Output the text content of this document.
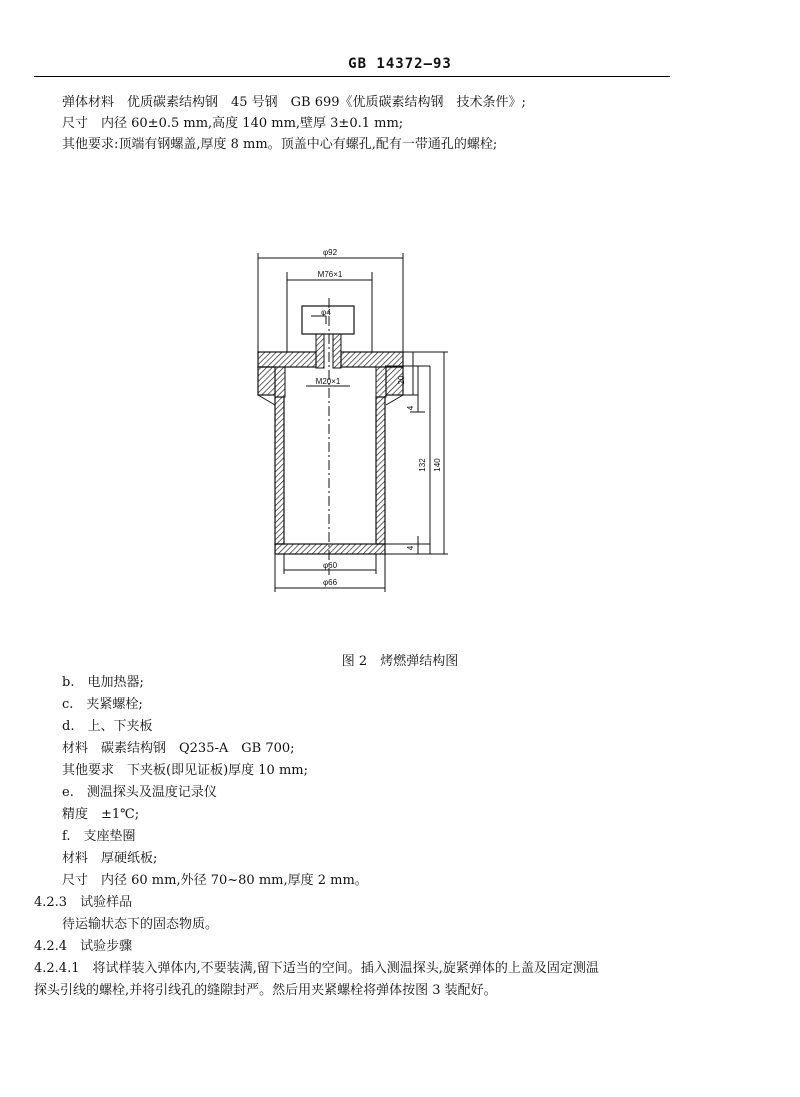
GB 14372—93
弹体材料　优质碳素结构钢　45 号钢　GB 699《优质碳素结构钢　技术条件》;
尺寸　内径 60±0.5 mm,高度 140 mm,壁厚 3±0.1 mm;
其他要求:顶端有钢螺盖,厚度 8 mm。顶盖中心有螺孔,配有一带通孔的螺栓;
φ92
M76×1
φ4
M20×1	20
4
132 140
4
φ60
φ66
图 2　烤燃弹结构图
b.　电加热器;
c.　夹紧螺栓;
d.　上、下夹板
材料　碳素结构钢　Q235-A　GB 700;
其他要求　下夹板(即见证板)厚度 10 mm;
e.　测温探头及温度记录仪
精度　±1℃;
f.　支座垫圈
材料　厚硬纸板;
尺寸　内径 60 mm,外径 70~80 mm,厚度 2 mm。
4.2.3　试验样品
待运输状态下的固态物质。
4.2.4　试验步骤
4.2.4.1　将试样装入弹体内,不要装满,留下适当的空间。插入测温探头,旋紧弹体的上盖及固定测温
探头引线的螺栓,并将引线孔的缝隙封严。然后用夹紧螺栓将弹体按图 3 装配好。
